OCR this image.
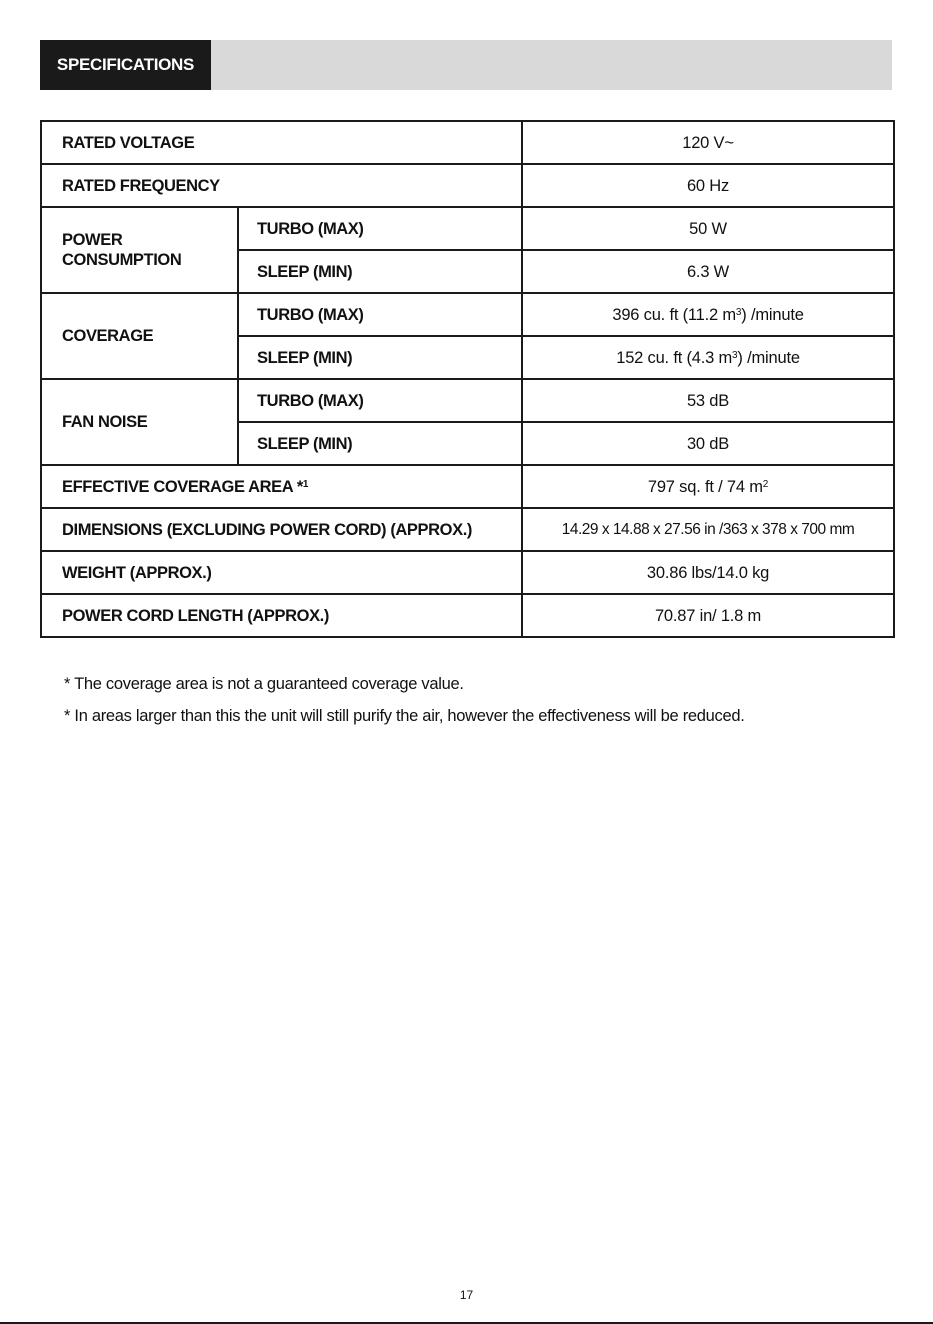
SPECIFICATIONS
RATED VOLTAGE		120 V~
RATED FREQUENCY		60 Hz
POWER
CONSUMPTION	TURBO (MAX)	50 W
	SLEEP (MIN)	6.3 W
COVERAGE	TURBO (MAX)	396 cu. ft (11.2 $m^3$) /minute
	SLEEP (MIN)	152 cu. ft (4.3 $m^3$) /minute
FAN NOISE	TURBO (MAX)	53 dB
	SLEEP (MIN)	30 dB
EFFECTIVE COVERAGE AREA *$^1$		797 sq. ft / 74 $m^2$
DIMENSIONS (EXCLUDING POWER CORD) (APPROX.)		14.29 x 14.88 x 27.56 in /363 x 378 x 700 mm
WEIGHT (APPROX.)		30.86 lbs/14.0 kg
POWER CORD LENGTH (APPROX.)		70.87 in/ 1.8 m
* The coverage area is not a guaranteed coverage value.
* In areas larger than this the unit will still purify the air, however the effectiveness will be reduced.
17
